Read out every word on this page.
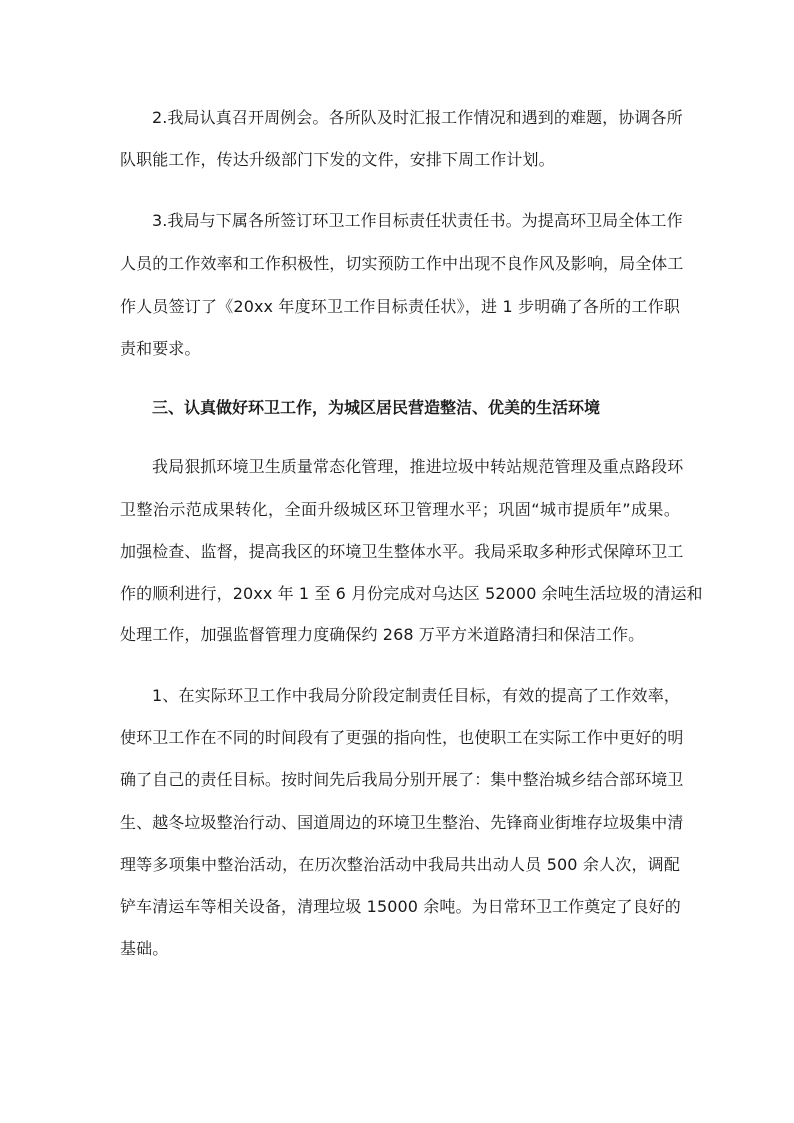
2.我局认真召开周例会。各所队及时汇报工作情况和遇到的难题，协调各所
队职能工作，传达升级部门下发的文件，安排下周工作计划。
3.我局与下属各所签订环卫工作目标责任状责任书。为提高环卫局全体工作
人员的工作效率和工作积极性，切实预防工作中出现不良作风及影响，局全体工
作人员签订了《20xx 年度环卫工作目标责任状》，进 1 步明确了各所的工作职
责和要求。
三、认真做好环卫工作，为城区居民营造整洁、优美的生活环境
我局狠抓环境卫生质量常态化管理，推进垃圾中转站规范管理及重点路段环
卫整治示范成果转化，全面升级城区环卫管理水平；巩固“城市提质年”成果。
加强检查、监督，提高我区的环境卫生整体水平。我局采取多种形式保障环卫工
作的顺利进行，20xx 年 1 至 6 月份完成对乌达区 52000 余吨生活垃圾的清运和
处理工作，加强监督管理力度确保约 268 万平方米道路清扫和保洁工作。
1、在实际环卫工作中我局分阶段定制责任目标，有效的提高了工作效率，
使环卫工作在不同的时间段有了更强的指向性，也使职工在实际工作中更好的明
确了自己的责任目标。按时间先后我局分别开展了：集中整治城乡结合部环境卫
生、越冬垃圾整治行动、国道周边的环境卫生整治、先锋商业街堆存垃圾集中清
理等多项集中整治活动，在历次整治活动中我局共出动人员 500 余人次，调配
铲车清运车等相关设备，清理垃圾 15000 余吨。为日常环卫工作奠定了良好的
基础。
